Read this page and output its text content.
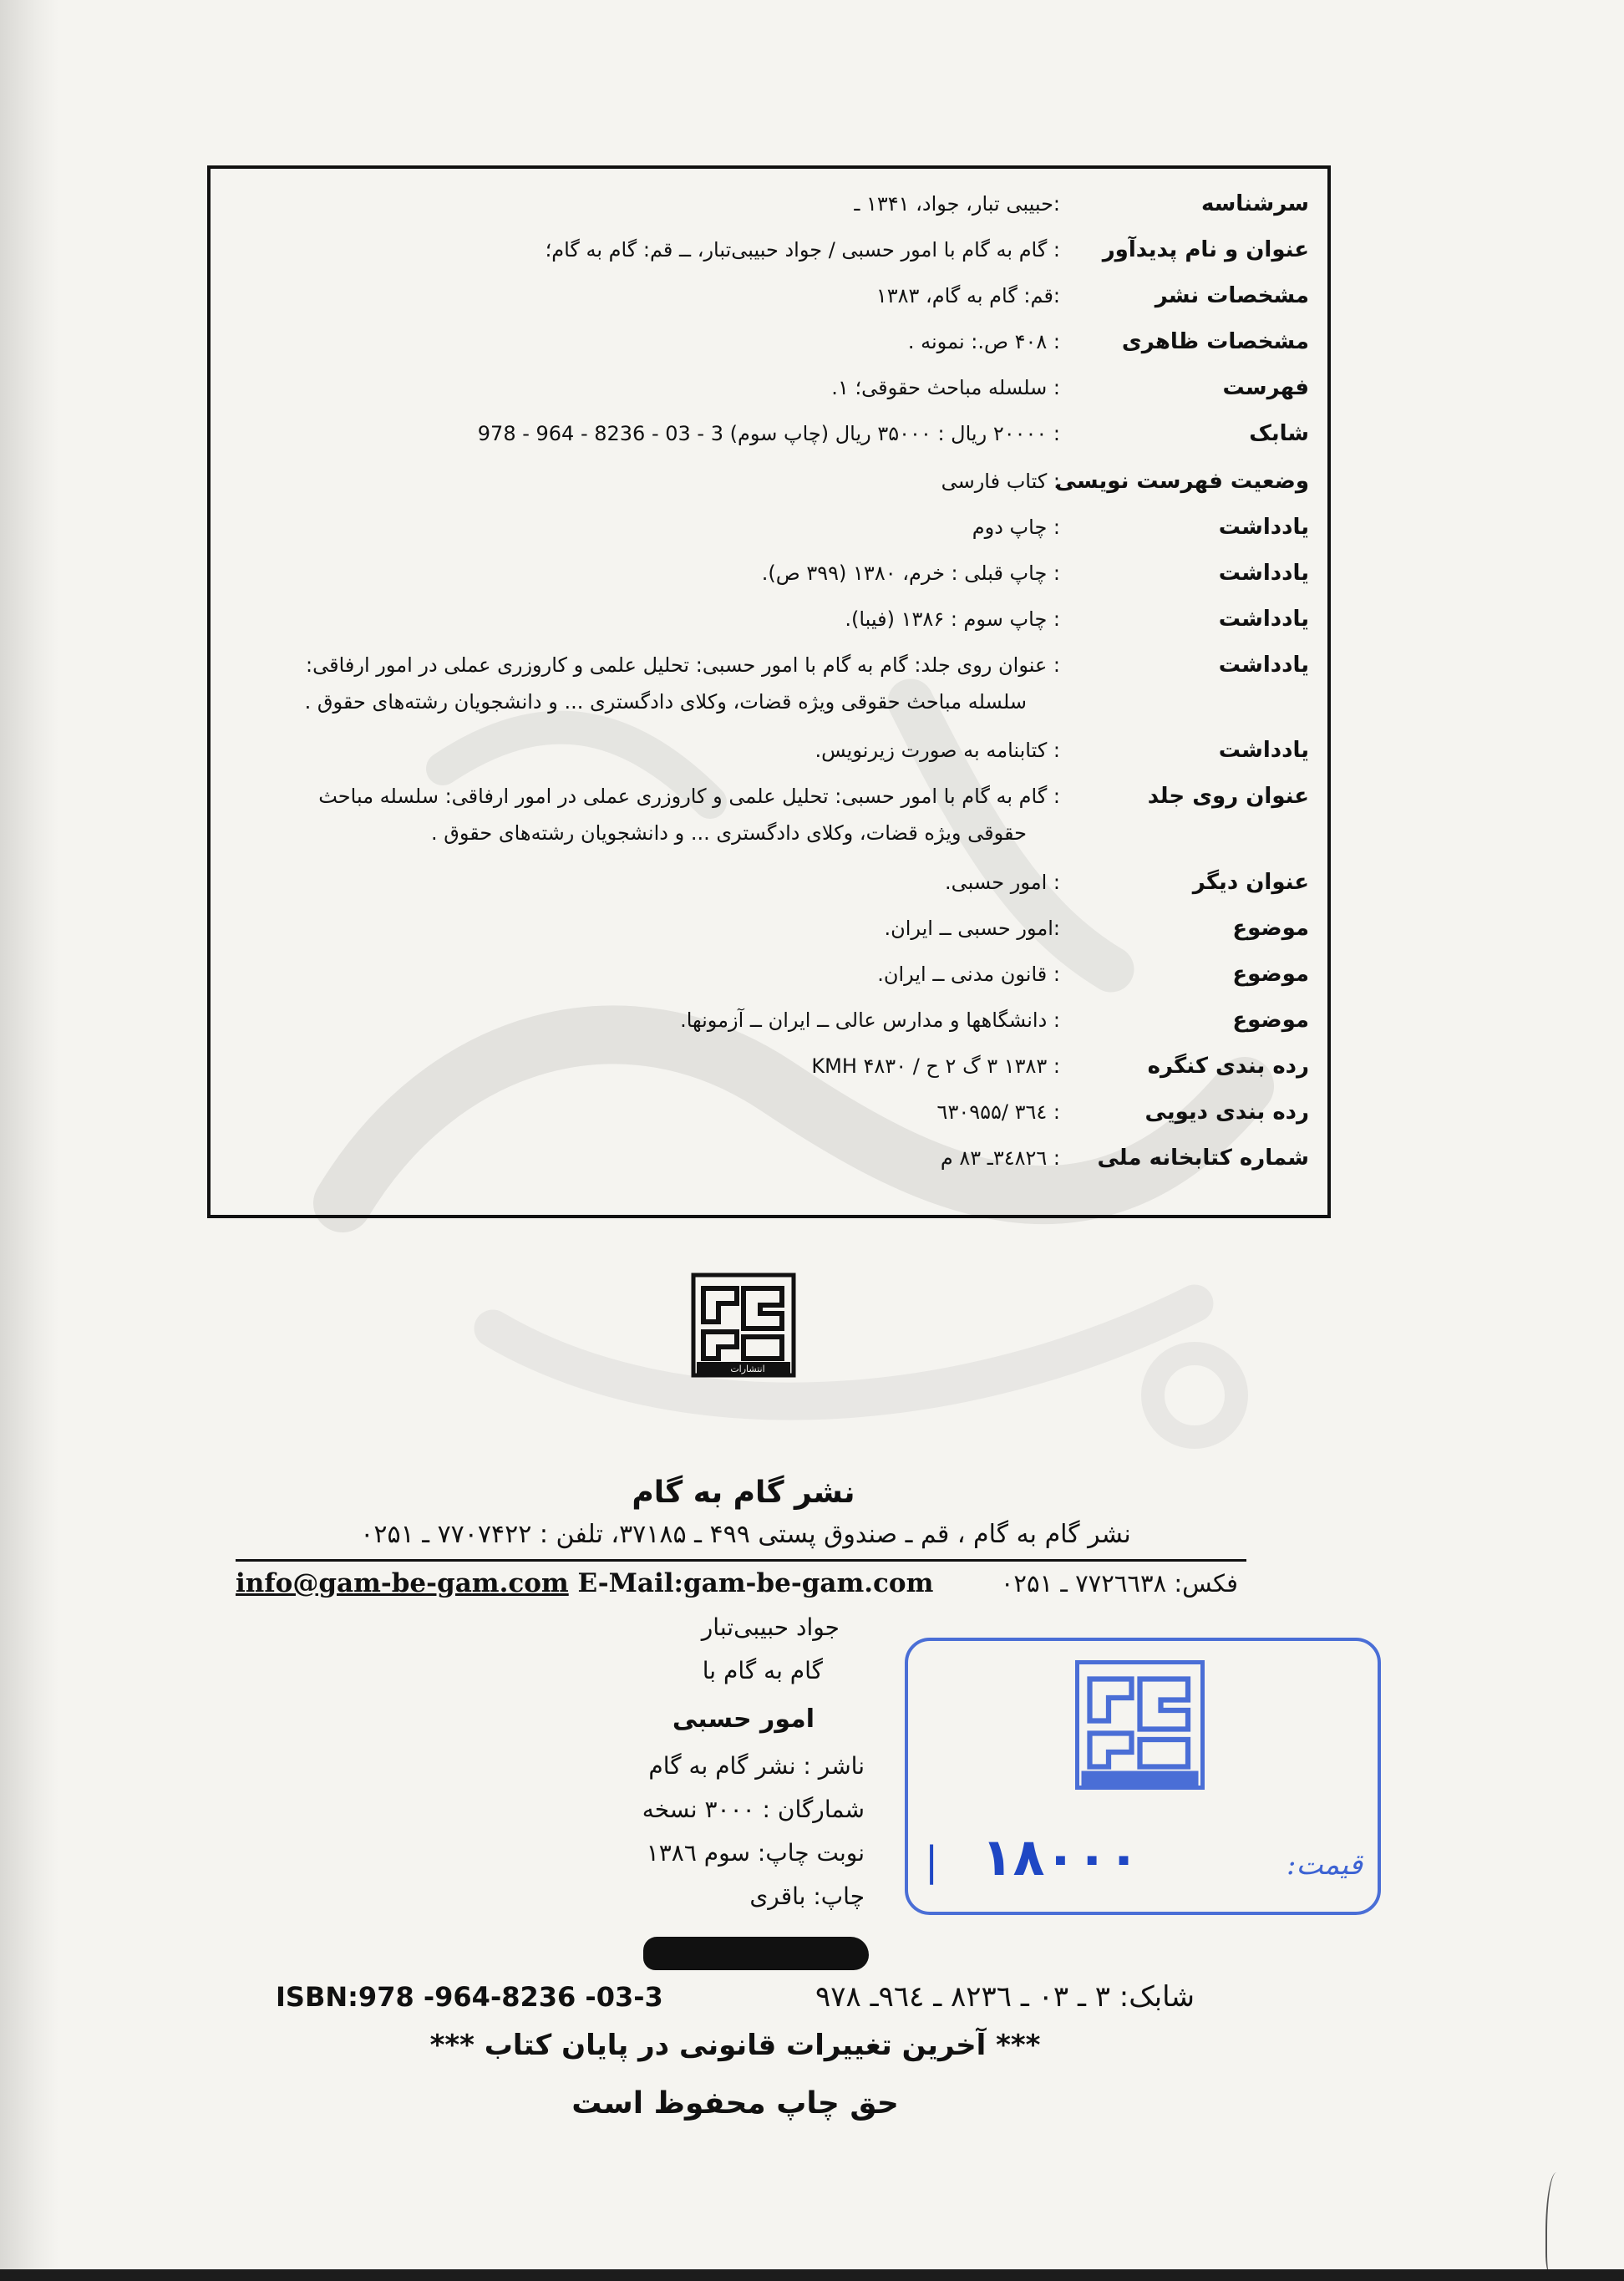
سرشناسه
:حبیبی تبار، جواد، ۱۳۴۱ ـ
عنوان و نام پدیدآور
: گام به گام با امور حسبی / جواد حبیبی‌تبار، ــ قم: گام به گام؛
مشخصات نشر
:قم: گام به گام، ۱۳۸۳
مشخصات ظاهری
: ۴۰۸ ص.: نمونه .
فهرست
: سلسله مباحث حقوقی؛ ۱.
شابک
: ۲۰۰۰۰ ریال : ۳۵۰۰۰ ریال (چاپ سوم) 3 - 03 - 8236 - 964 - 978
وضعیت فهرست نویسی
: کتاب فارسی
یادداشت
: چاپ دوم
یادداشت
: چاپ قبلی : خرم، ۱۳۸۰ (۳۹۹ ص).
یادداشت
: چاپ سوم : ۱۳۸۶ (فیبا).
یادداشت
: عنوان روی جلد: گام به گام با امور حسبی: تحلیل علمی و کاروزری عملی در امور ارفاقی:
سلسله مباحث حقوقی ویژه قضات، وکلای دادگستری ... و دانشجویان رشته‌های حقوق .
یادداشت
: کتابنامه به صورت زیرنویس.
عنوان روی جلد
: گام به گام با امور حسبی: تحلیل علمی و کاروزری عملی در امور ارفاقی: سلسله مباحث
حقوقی ویژه قضات، وکلای دادگستری ... و دانشجویان رشته‌های حقوق .
عنوان دیگر
: امور حسبی.
موضوع
:امور حسبی ــ ایران.
موضوع
: قانون مدنی ــ ایران.
موضوع
: دانشگاهها و مدارس عالی ــ ایران ــ آزمونها.
رده بندی کنگره
: ۱۳۸۳ ۳ گ ۲ ح / ۴۸۳۰ KMH
رده بندی دیویی
: ۳٦٤ /٦٣۰۹۵۵
شماره کتابخانه ملی
: ۳٤۸۲٦ـ ۸۳ م
انتشارات
نشر گام به گام
نشر گام به گام ، قم ـ صندوق پستی ۴۹۹ ـ ۳۷۱۸۵، تلفن : ۷۷۰۷۴۲۲ ـ ۰۲۵۱
فکس: ۷۷۲٦٦۳۸ ـ ۰۲۵۱
info@gam-be-gam.com E-Mail:gam-be-gam.com
جواد حبیبی‌تبار
گام به گام با
امور حسبی
ناشر : نشر گام به گام
شمارگان : ۳۰۰۰ نسخه
نوبت چاپ: سوم ۱۳۸٦
چاپ: باقری
قیمت:
| ۱۸۰۰۰
شابک: ۳ ـ ۰۳ ـ ۸۲۳٦ ـ ۹٦٤ـ ۹۷۸
ISBN:978 -964-8236 -03-3
*** آخرین تغییرات قانونی در پایان کتاب ***
حق چاپ محفوظ است
